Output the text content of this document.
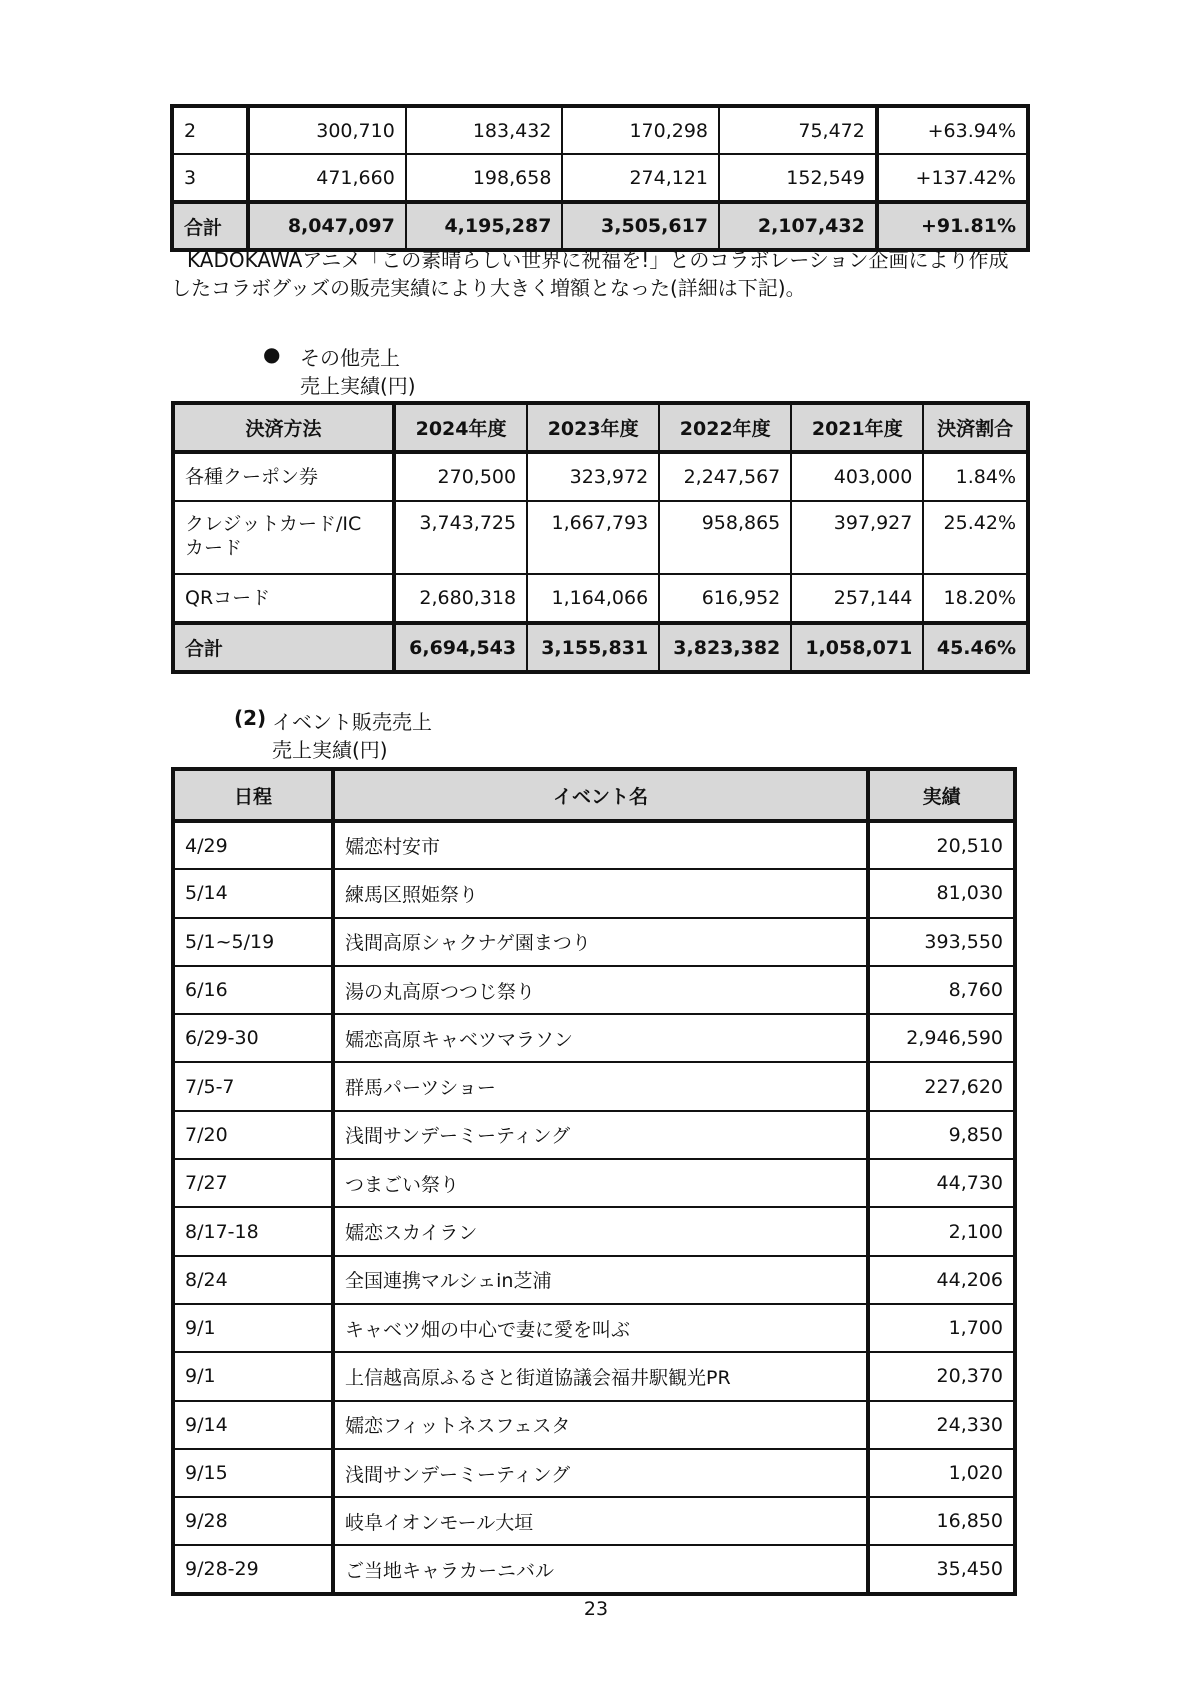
2	300,710	183,432	170,298	75,472	+63.94%
3	471,660	198,658	274,121	152,549	+137.42%
合計	8,047,097	4,195,287	3,505,617	2,107,432	+91.81%
KADOKAWAアニメ「この素晴らしい世界に祝福を!」とのコラボレーション企画により作成
したコラボグッズの販売実績により大きく増額となった(詳細は下記)。
● その他売上
売上実績(円)
決済方法	2024年度	2023年度	2022年度	2021年度	決済割合
各種クーポン券	270,500	323,972	2,247,567	403,000	1.84%
クレジットカード/IC
カード	3,743,725	1,667,793	958,865	397,927	25.42%
QRコード	2,680,318	1,164,066	616,952	257,144	18.20%
合計	6,694,543	3,155,831	3,823,382	1,058,071	45.46%
(2) イベント販売売上
売上実績(円)
日程	イベント名	実績
4/29	嬬恋村安市	20,510
5/14	練馬区照姫祭り	81,030
5/1~5/19	浅間高原シャクナゲ園まつり	393,550
6/16	湯の丸高原つつじ祭り	8,760
6/29-30	嬬恋高原キャベツマラソン	2,946,590
7/5-7	群馬パーツショー	227,620
7/20	浅間サンデーミーティング	9,850
7/27	つまごい祭り	44,730
8/17-18	嬬恋スカイラン	2,100
8/24	全国連携マルシェin芝浦	44,206
9/1	キャベツ畑の中心で妻に愛を叫ぶ	1,700
9/1	上信越高原ふるさと街道協議会福井駅観光PR	20,370
9/14	嬬恋フィットネスフェスタ	24,330
9/15	浅間サンデーミーティング	1,020
9/28	岐阜イオンモール大垣	16,850
9/28-29	ご当地キャラカーニバル	35,450
23
